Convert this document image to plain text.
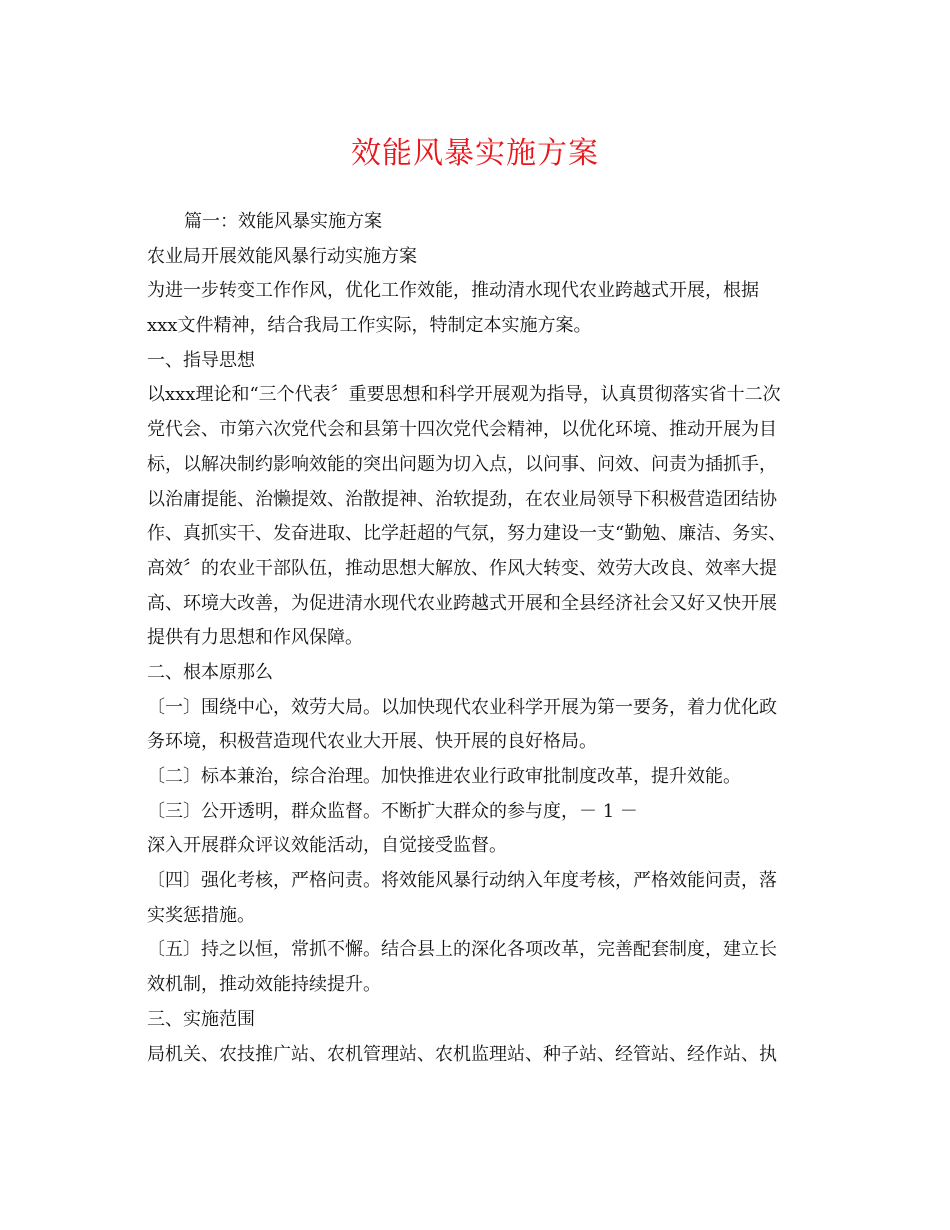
效能风暴实施方案

篇一：效能风暴实施方案

农业局开展效能风暴行动实施方案

为进一步转变工作作风，优化工作效能，推动清水现代农业跨越式开展，根据

xxx文件精神，结合我局工作实际，特制定本实施方案。

一、指导思想

以xxx理论和“三个代表〞重要思想和科学开展观为指导，认真贯彻落实省十二次

党代会、市第六次党代会和县第十四次党代会精神，以优化环境、推动开展为目

标，以解决制约影响效能的突出问题为切入点，以问事、问效、问责为插抓手，

以治庸提能、治懒提效、治散提神、治软提劲，在农业局领导下积极营造团结协

作、真抓实干、发奋进取、比学赶超的气氛，努力建设一支“勤勉、廉洁、务实、

高效〞的农业干部队伍，推动思想大解放、作风大转变、效劳大改良、效率大提

高、环境大改善，为促进清水现代农业跨越式开展和全县经济社会又好又快开展

提供有力思想和作风保障。

二、根本原那么

〔一〕围绕中心，效劳大局。以加快现代农业科学开展为第一要务，着力优化政

务环境，积极营造现代农业大开展、快开展的良好格局。

〔二〕标本兼治，综合治理。加快推进农业行政审批制度改革，提升效能。

〔三〕公开透明，群众监督。不断扩大群众的参与度，－ 1 －

深入开展群众评议效能活动，自觉接受监督。

〔四〕强化考核，严格问责。将效能风暴行动纳入年度考核，严格效能问责，落

实奖惩措施。

〔五〕持之以恒，常抓不懈。结合县上的深化各项改革，完善配套制度，建立长

效机制，推动效能持续提升。

三、实施范围

局机关、农技推广站、农机管理站、农机监理站、种子站、经管站、经作站、执
